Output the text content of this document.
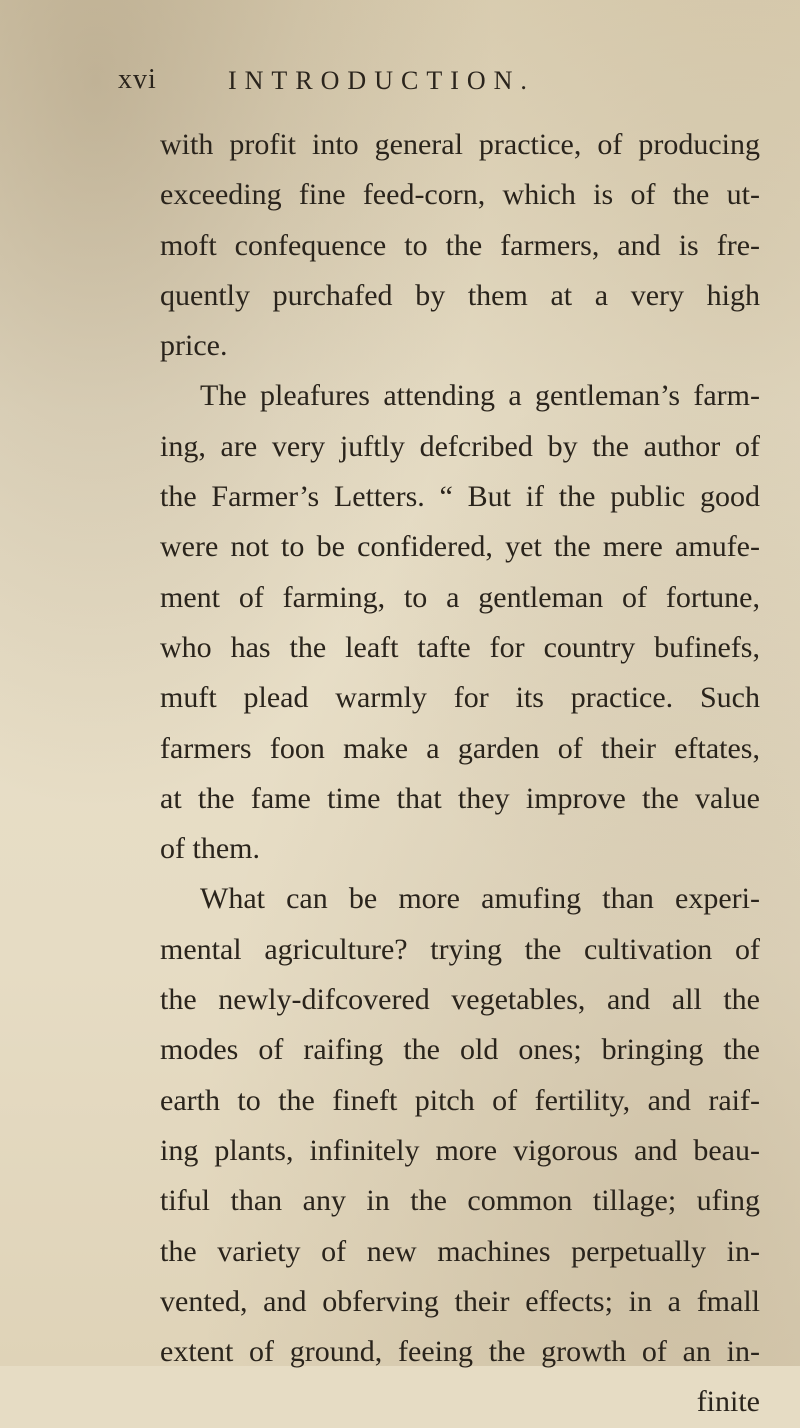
xvi	INTRODUCTION.
with profit into general practice, of producing
exceeding fine feed-corn, which is of the ut-
moft confequence to the farmers, and is fre-
quently purchafed by them at a very high
price.
The pleafures attending a gentleman’s farm-
ing, are very juftly defcribed by the author of
the Farmer’s Letters. “ But if the public good
were not to be confidered, yet the mere amufe-
ment of farming, to a gentleman of fortune,
who has the leaft tafte for country bufinefs,
muft plead warmly for its practice. Such
farmers foon make a garden of their eftates,
at the fame time that they improve the value
of them.
What can be more amufing than experi-
mental agriculture? trying the cultivation of
the newly-difcovered vegetables, and all the
modes of raifing the old ones; bringing the
earth to the fineft pitch of fertility, and raif-
ing plants, infinitely more vigorous and beau-
tiful than any in the common tillage; ufing
the variety of new machines perpetually in-
vented, and obferving their effects; in a fmall
extent of ground, feeing the growth of an in-
finite
